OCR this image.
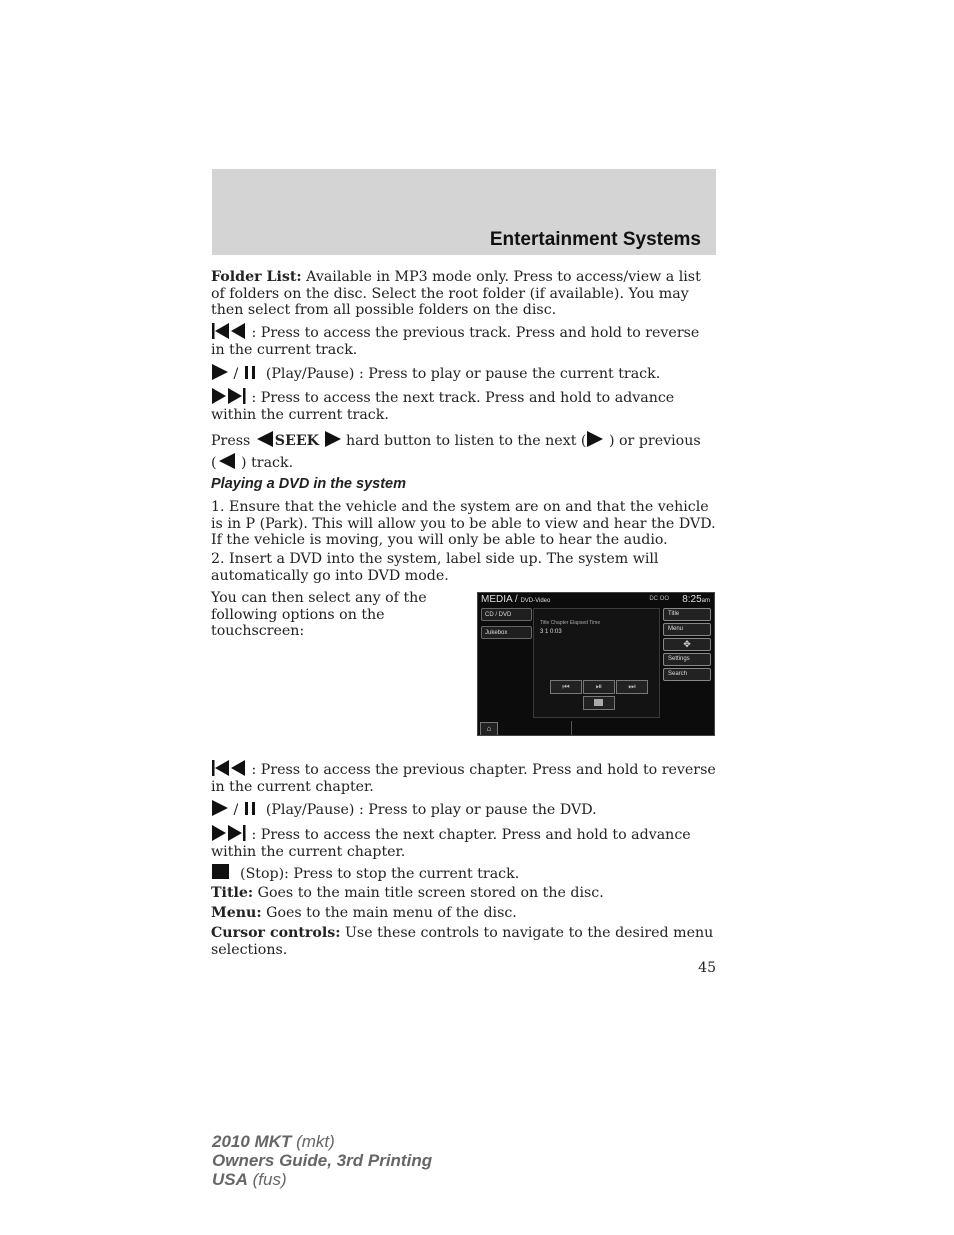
Entertainment Systems
Folder List: Available in MP3 mode only. Press to access/view a list of folders on the disc. Select the root folder (if available). You may then select from all possible folders on the disc.
: Press to access the previous track. Press and hold to reverse in the current track.
/   (Play/Pause) : Press to play or pause the current track.
: Press to access the next track. Press and hold to advance within the current track.
Press SEEK  hard button to listen to the next ( ) or previous
( ) track.
Playing a DVD in the system
1. Ensure that the vehicle and the system are on and that the vehicle is in P (Park). This will allow you to be able to view and hear the DVD. If the vehicle is moving, you will only be able to hear the audio.
2. Insert a DVD into the system, label side up. The system will automatically go into DVD mode.
You can then select any of the following options on the touchscreen:
MEDIA / DVD-Video	DC OO 8:25am
CD / DVD
Jukebox
Title Chapter Elapsed Time
3 1 0:03
Title
Menu
✥
Settings
Search
⏮	⏯	⏭
⌂
: Press to access the previous chapter. Press and hold to reverse in the current chapter.
/   (Play/Pause) : Press to play or pause the DVD.
: Press to access the next chapter. Press and hold to advance within the current chapter.
(Stop): Press to stop the current track.
Title: Goes to the main title screen stored on the disc.
Menu: Goes to the main menu of the disc.
Cursor controls: Use these controls to navigate to the desired menu selections.
45
2010 MKT (mkt)
Owners Guide, 3rd Printing
USA (fus)
